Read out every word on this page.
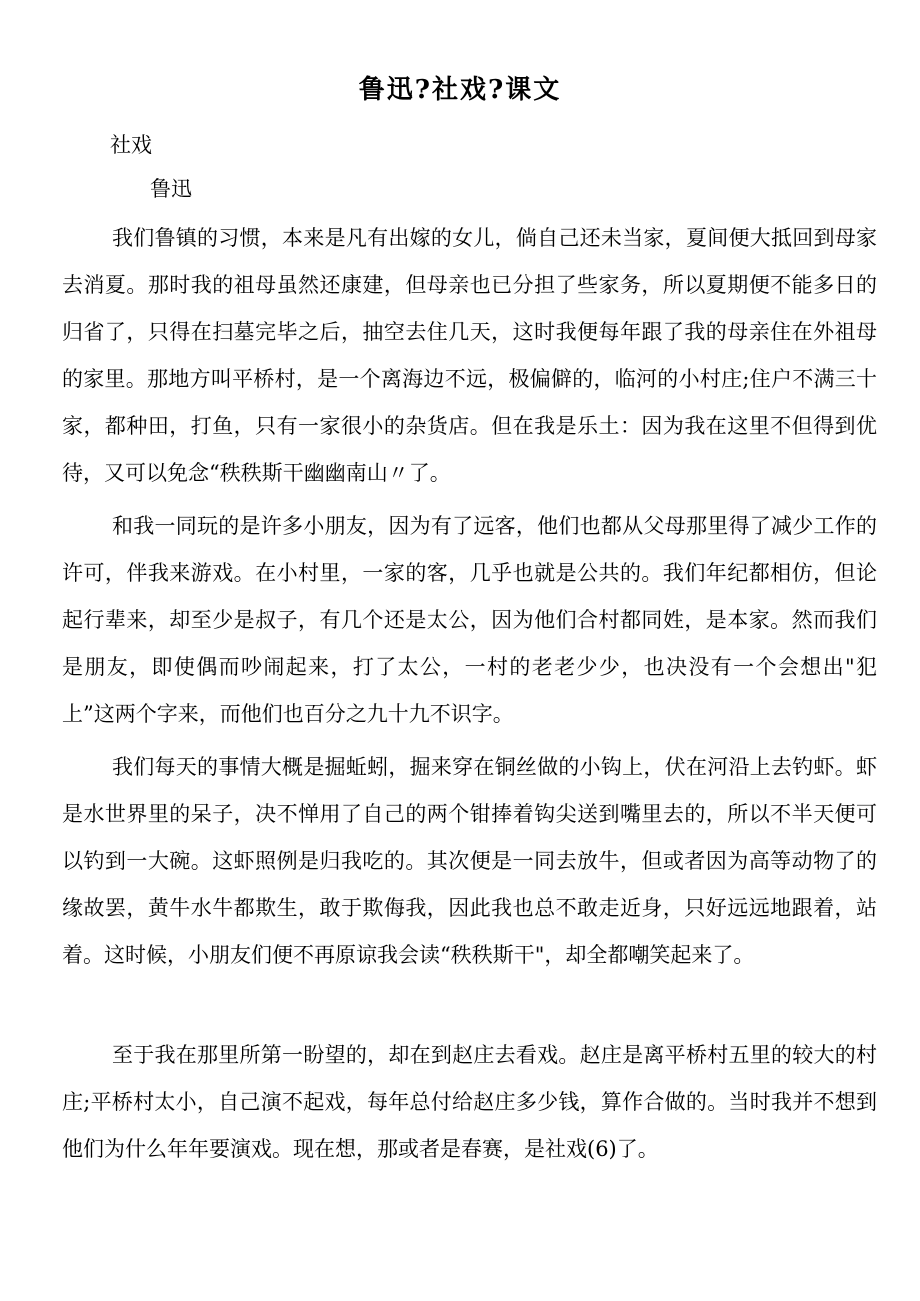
鲁迅?社戏?课文
社戏
鲁迅

我们鲁镇的习惯，本来是凡有出嫁的女儿，倘自己还未当家，夏间便大抵回到母家去消夏。那时我的祖母虽然还康建，但母亲也已分担了些家务，所以夏期便不能多日的归省了，只得在扫墓完毕之后，抽空去住几天，这时我便每年跟了我的母亲住在外祖母的家里。那地方叫平桥村，是一个离海边不远，极偏僻的，临河的小村庄;住户不满三十家，都种田，打鱼，只有一家很小的杂货店。但在我是乐土：因为我在这里不但得到优待，又可以免念“秩秩斯干幽幽南山〃了。

和我一同玩的是许多小朋友，因为有了远客，他们也都从父母那里得了减少工作的许可，伴我来游戏。在小村里，一家的客，几乎也就是公共的。我们年纪都相仿，但论起行辈来，却至少是叔子，有几个还是太公，因为他们合村都同姓，是本家。然而我们是朋友，即使偶而吵闹起来，打了太公，一村的老老少少，也决没有一个会想出"犯上”这两个字来，而他们也百分之九十九不识字。

我们每天的事情大概是掘蚯蚓，掘来穿在铜丝做的小钩上，伏在河沿上去钓虾。虾是水世界里的呆子，决不惮用了自己的两个钳捧着钩尖送到嘴里去的，所以不半天便可以钓到一大碗。这虾照例是归我吃的。其次便是一同去放牛，但或者因为高等动物了的缘故罢，黄牛水牛都欺生，敢于欺侮我，因此我也总不敢走近身，只好远远地跟着，站着。这时候，小朋友们便不再原谅我会读“秩秩斯干"，却全都嘲笑起来了。

至于我在那里所第一盼望的，却在到赵庄去看戏。赵庄是离平桥村五里的较大的村庄;平桥村太小，自己演不起戏，每年总付给赵庄多少钱，算作合做的。当时我并不想到他们为什么年年要演戏。现在想，那或者是春赛，是社戏(6)了。
